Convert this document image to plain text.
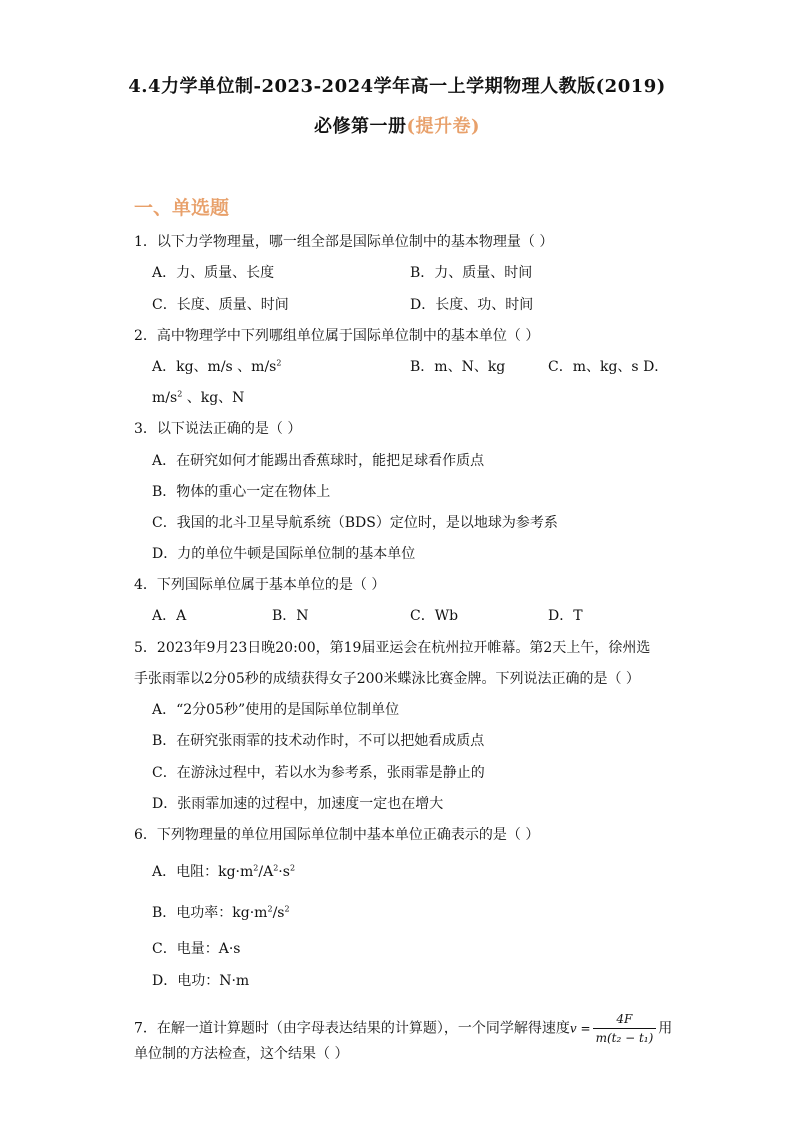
4.4力学单位制-2023-2024学年高一上学期物理人教版(2019)
必修第一册(提升卷)
一、单选题
1．以下力学物理量，哪一组全部是国际单位制中的基本物理量（ ）
A．力、质量、长度	B．力、质量、时间
C．长度、质量、时间	D．长度、功、时间
2．高中物理学中下列哪组单位属于国际单位制中的基本单位（ ）
A．kg、m/s 、$m/s^2$	B．m、N、kg	C．m、kg、s D．
$m/s^2$ 、kg、N
3．以下说法正确的是（ ）
A．在研究如何才能踢出香蕉球时，能把足球看作质点
B．物体的重心一定在物体上
C．我国的北斗卫星导航系统（BDS）定位时，是以地球为参考系
D．力的单位牛顿是国际单位制的基本单位
4．下列国际单位属于基本单位的是（ ）
A．A	B．N	C．Wb	D．T
5．2023年9月23日晚20:00，第19届亚运会在杭州拉开帷幕。第2天上午，徐州选
手张雨霏以2分05秒的成绩获得女子200米蝶泳比赛金牌。下列说法正确的是（ ）
A．“2分05秒”使用的是国际单位制单位
B．在研究张雨霏的技术动作时，不可以把她看成质点
C．在游泳过程中，若以水为参考系，张雨霏是静止的
D．张雨霏加速的过程中，加速度一定也在增大
6．下列物理量的单位用国际单位制中基本单位正确表示的是（ ）
A．电阻：$kg\cdot m^2/A^2\cdot s^2$
B．电功率：$kg\cdot m^2/s^2$
C．电量：A·s
D．电功：N·m
7．在解一道计算题时（由字母表达结果的计算题），一个同学解得速度$v = \frac{4F}{\text{m(t₂ − t₁)}}$ 用
单位制的方法检查，这个结果（ ）
